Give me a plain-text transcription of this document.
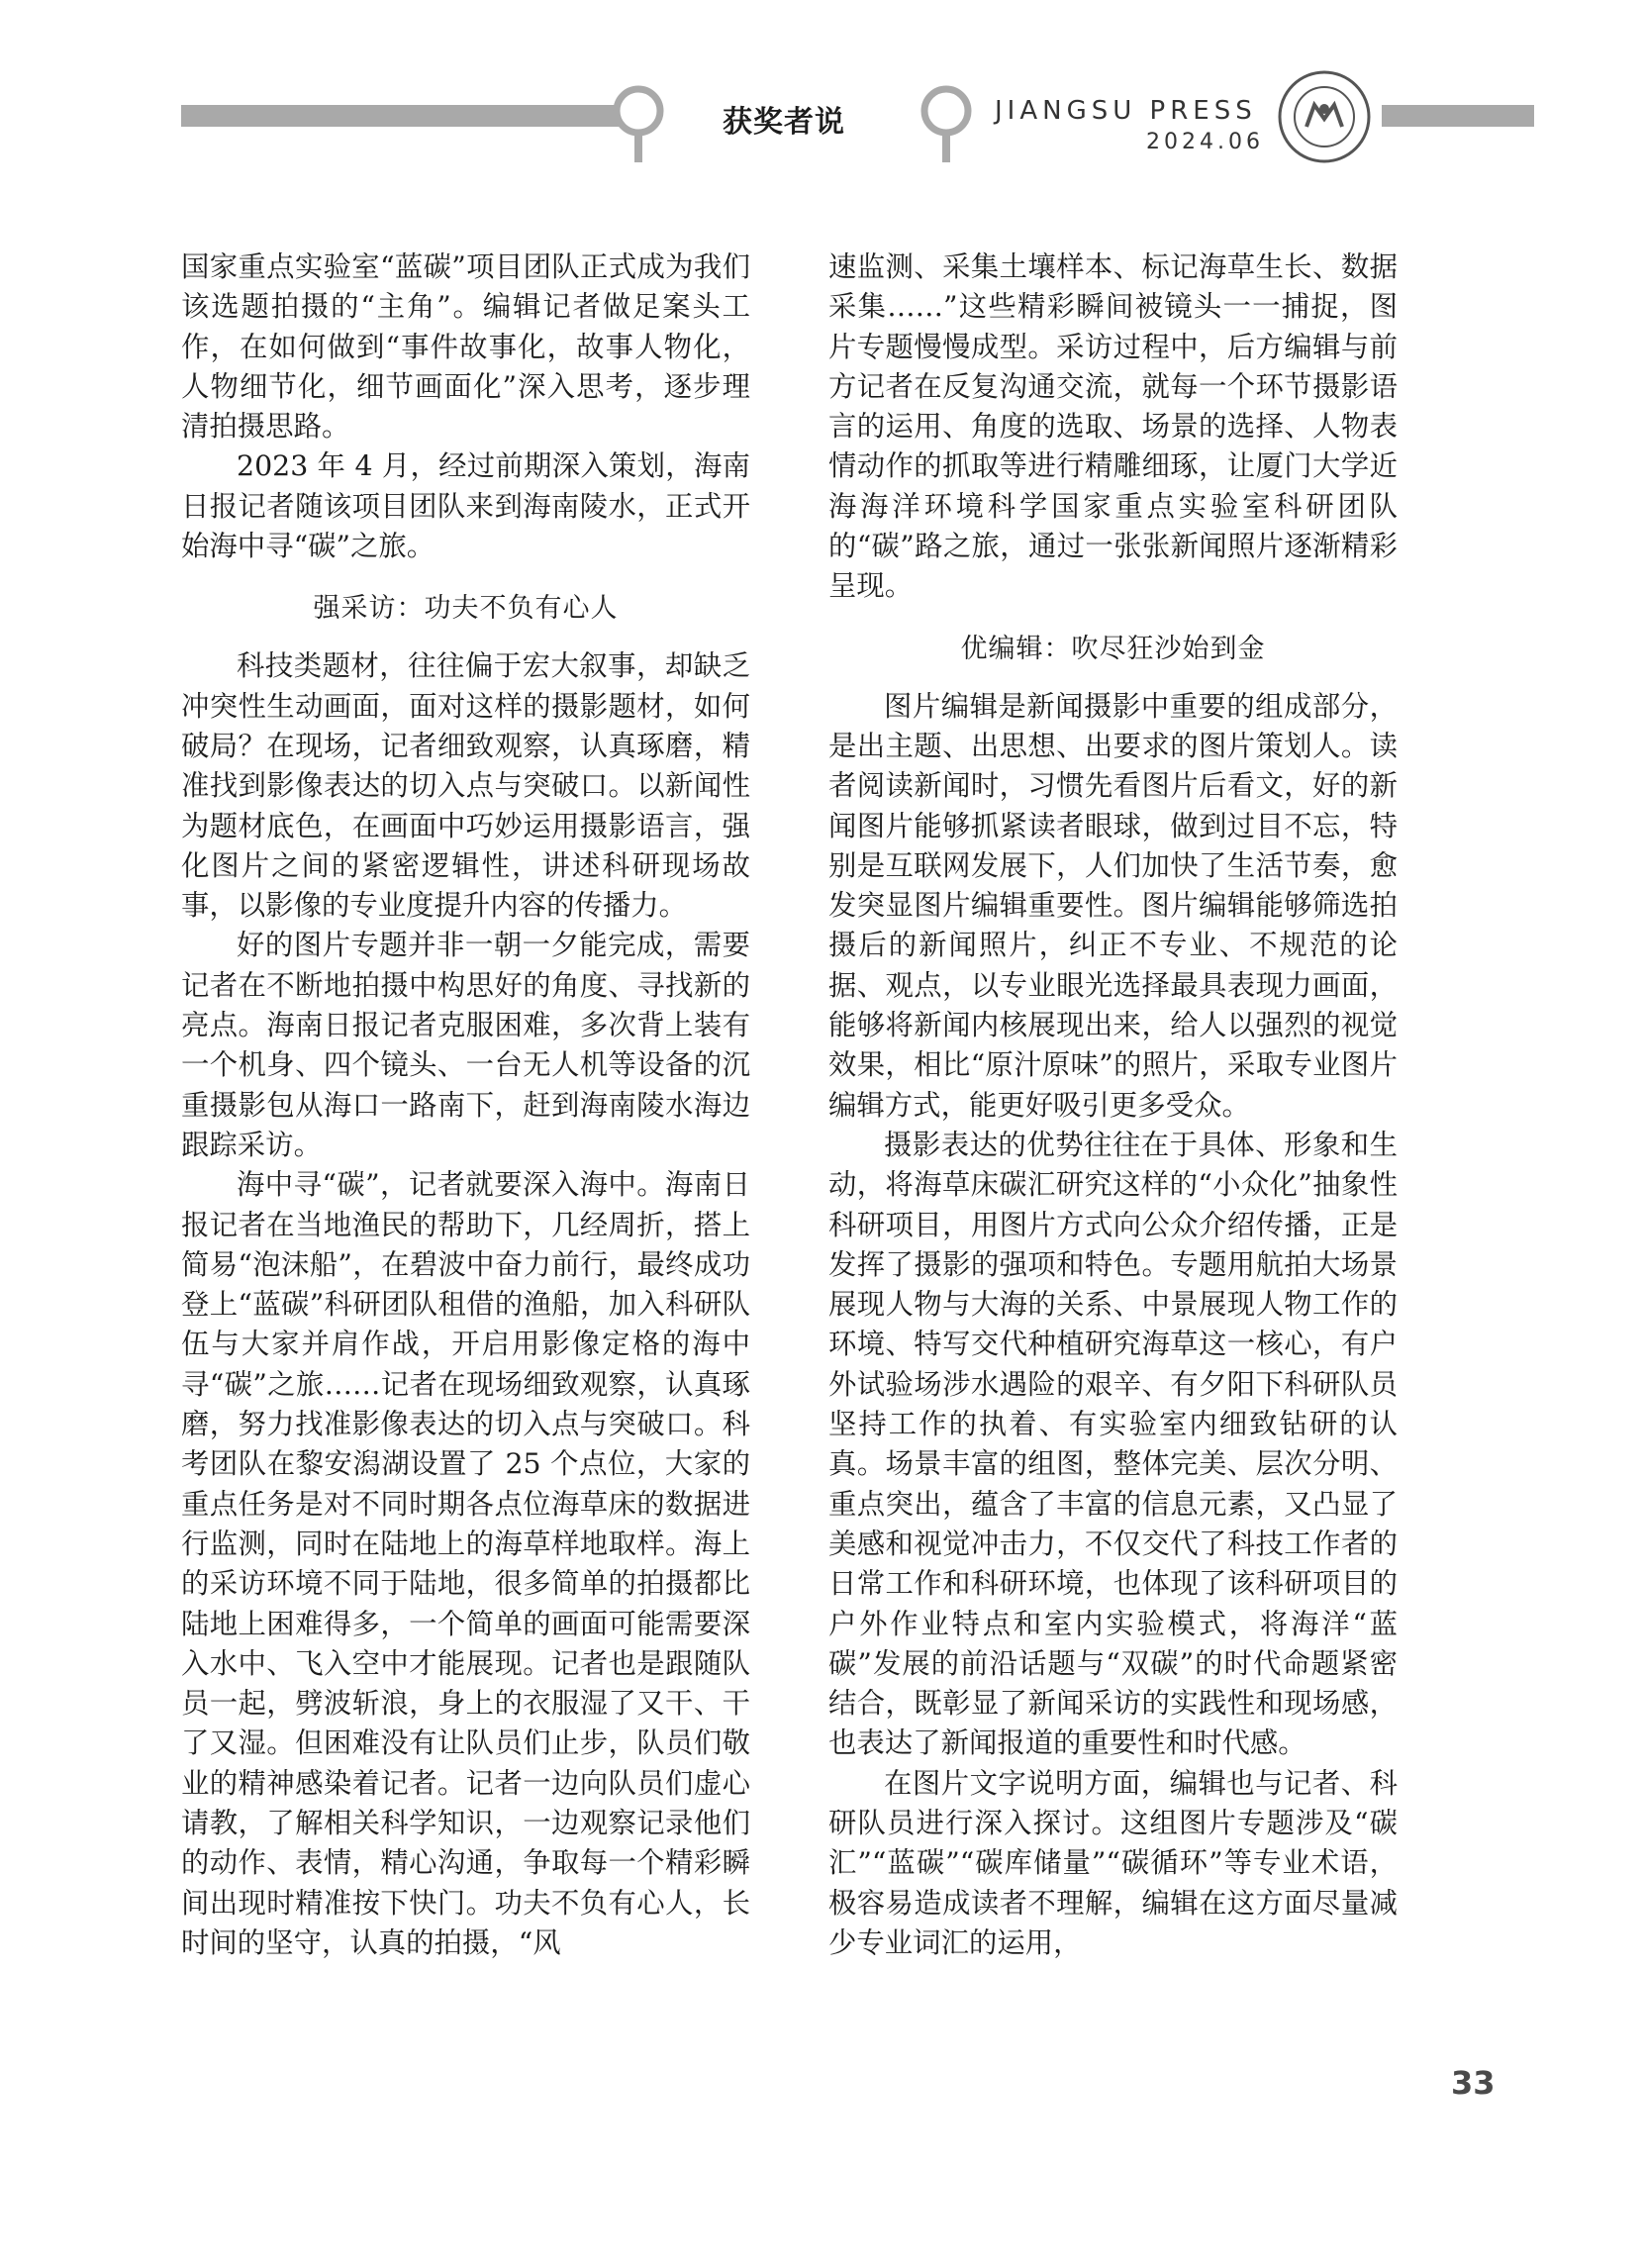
获奖者说	JIANGSU PRESS
2024.06

国家重点实验室“蓝碳”项目团队正式成为我们该选题拍摄的“主角”。编辑记者做足案头工作，在如何做到“事件故事化，故事人物化，人物细节化，细节画面化”深入思考，逐步理清拍摄思路。

2023 年 4 月，经过前期深入策划，海南日报记者随该项目团队来到海南陵水，正式开始海中寻“碳”之旅。

强采访：功夫不负有心人

科技类题材，往往偏于宏大叙事，却缺乏冲突性生动画面，面对这样的摄影题材，如何破局？在现场，记者细致观察，认真琢磨，精准找到影像表达的切入点与突破口。以新闻性为题材底色，在画面中巧妙运用摄影语言，强化图片之间的紧密逻辑性，讲述科研现场故事，以影像的专业度提升内容的传播力。

好的图片专题并非一朝一夕能完成，需要记者在不断地拍摄中构思好的角度、寻找新的亮点。海南日报记者克服困难，多次背上装有一个机身、四个镜头、一台无人机等设备的沉重摄影包从海口一路南下，赶到海南陵水海边跟踪采访。

海中寻“碳”，记者就要深入海中。海南日报记者在当地渔民的帮助下，几经周折，搭上简易“泡沫船”，在碧波中奋力前行，最终成功登上“蓝碳”科研团队租借的渔船，加入科研队伍与大家并肩作战，开启用影像定格的海中寻“碳”之旅……记者在现场细致观察，认真琢磨，努力找准影像表达的切入点与突破口。科考团队在黎安潟湖设置了 25 个点位，大家的重点任务是对不同时期各点位海草床的数据进行监测，同时在陆地上的海草样地取样。海上的采访环境不同于陆地，很多简单的拍摄都比陆地上困难得多，一个简单的画面可能需要深入水中、飞入空中才能展现。记者也是跟随队员一起，劈波斩浪，身上的衣服湿了又干、干了又湿。但困难没有让队员们止步，队员们敬业的精神感染着记者。记者一边向队员们虚心请教，了解相关科学知识，一边观察记录他们的动作、表情，精心沟通，争取每一个精彩瞬间出现时精准按下快门。功夫不负有心人，长时间的坚守，认真的拍摄，“风

速监测、采集土壤样本、标记海草生长、数据采集……”这些精彩瞬间被镜头一一捕捉，图片专题慢慢成型。采访过程中，后方编辑与前方记者在反复沟通交流，就每一个环节摄影语言的运用、角度的选取、场景的选择、人物表情动作的抓取等进行精雕细琢，让厦门大学近海海洋环境科学国家重点实验室科研团队的“碳”路之旅，通过一张张新闻照片逐渐精彩呈现。

优编辑：吹尽狂沙始到金

图片编辑是新闻摄影中重要的组成部分，是出主题、出思想、出要求的图片策划人。读者阅读新闻时，习惯先看图片后看文，好的新闻图片能够抓紧读者眼球，做到过目不忘，特别是互联网发展下，人们加快了生活节奏，愈发突显图片编辑重要性。图片编辑能够筛选拍摄后的新闻照片，纠正不专业、不规范的论据、观点，以专业眼光选择最具表现力画面，能够将新闻内核展现出来，给人以强烈的视觉效果，相比“原汁原味”的照片，采取专业图片编辑方式，能更好吸引更多受众。

摄影表达的优势往往在于具体、形象和生动，将海草床碳汇研究这样的“小众化”抽象性科研项目，用图片方式向公众介绍传播，正是发挥了摄影的强项和特色。专题用航拍大场景展现人物与大海的关系、中景展现人物工作的环境、特写交代种植研究海草这一核心，有户外试验场涉水遇险的艰辛、有夕阳下科研队员坚持工作的执着、有实验室内细致钻研的认真。场景丰富的组图，整体完美、层次分明、重点突出，蕴含了丰富的信息元素，又凸显了美感和视觉冲击力，不仅交代了科技工作者的日常工作和科研环境，也体现了该科研项目的户外作业特点和室内实验模式，将海洋“蓝碳”发展的前沿话题与“双碳”的时代命题紧密结合，既彰显了新闻采访的实践性和现场感，也表达了新闻报道的重要性和时代感。

在图片文字说明方面，编辑也与记者、科研队员进行深入探讨。这组图片专题涉及“碳汇”“蓝碳”“碳库储量”“碳循环”等专业术语，极容易造成读者不理解，编辑在这方面尽量减少专业词汇的运用，

33
